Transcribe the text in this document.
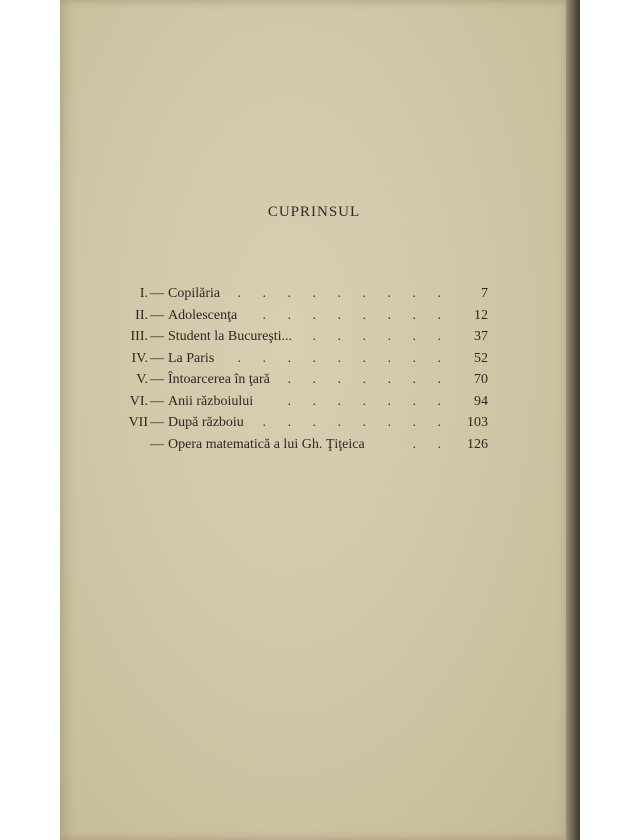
CUPRINSUL
I. — Copilăria . . . . . . . . .	7
II. — Adolescenţa . . . . . . . .	12
III. — Student la Bucureşti... . . . . . .	37
IV. — La Paris . . . . . . . . .	52
V. — Întoarcerea în ţară . . . . . . .	70
VI. — Anii războiului . . . . . . .	94
VII — După războiu . . . . . . . .	103
— Opera matematică a lui Gh. Ţiţeica	. .	126
